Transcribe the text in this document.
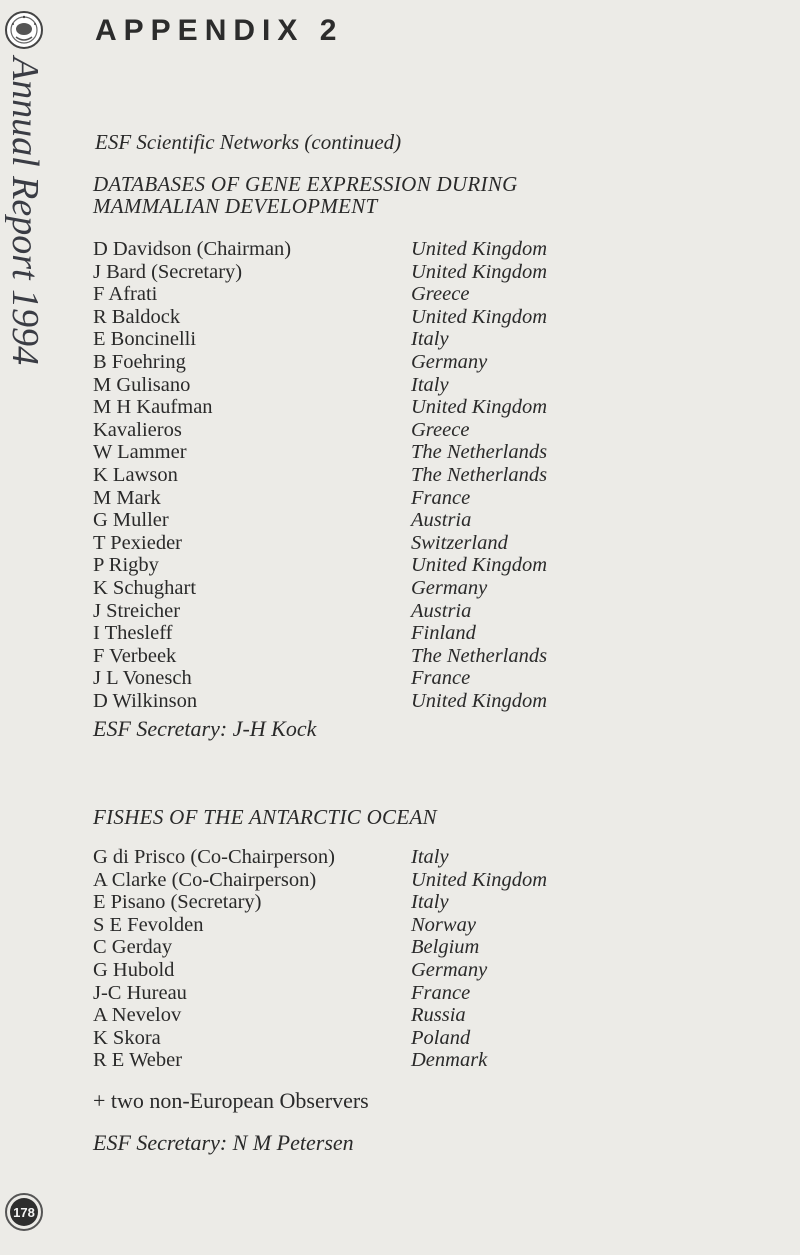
Annual Report 1994
178
APPENDIX 2
ESF Scientific Networks (continued)
DATABASES OF GENE EXPRESSION DURING
MAMMALIAN DEVELOPMENT
D Davidson (Chairman)	United Kingdom
J Bard (Secretary)	United Kingdom
F Afrati	Greece
R Baldock	United Kingdom
E Boncinelli	Italy
B Foehring	Germany
M Gulisano	Italy
M H Kaufman	United Kingdom
Kavalieros	Greece
W Lammer	The Netherlands
K Lawson	The Netherlands
M Mark	France
G Muller	Austria
T Pexieder	Switzerland
P Rigby	United Kingdom
K Schughart	Germany
J Streicher	Austria
I Thesleff	Finland
F Verbeek	The Netherlands
J L Vonesch	France
D Wilkinson	United Kingdom
ESF Secretary: J-H Kock
FISHES OF THE ANTARCTIC OCEAN
G di Prisco (Co-Chairperson)	Italy
A Clarke (Co-Chairperson)	United Kingdom
E Pisano (Secretary)	Italy
S E Fevolden	Norway
C Gerday	Belgium
G Hubold	Germany
J-C Hureau	France
A Nevelov	Russia
K Skora	Poland
R E Weber	Denmark
+ two non-European Observers
ESF Secretary: N M Petersen
